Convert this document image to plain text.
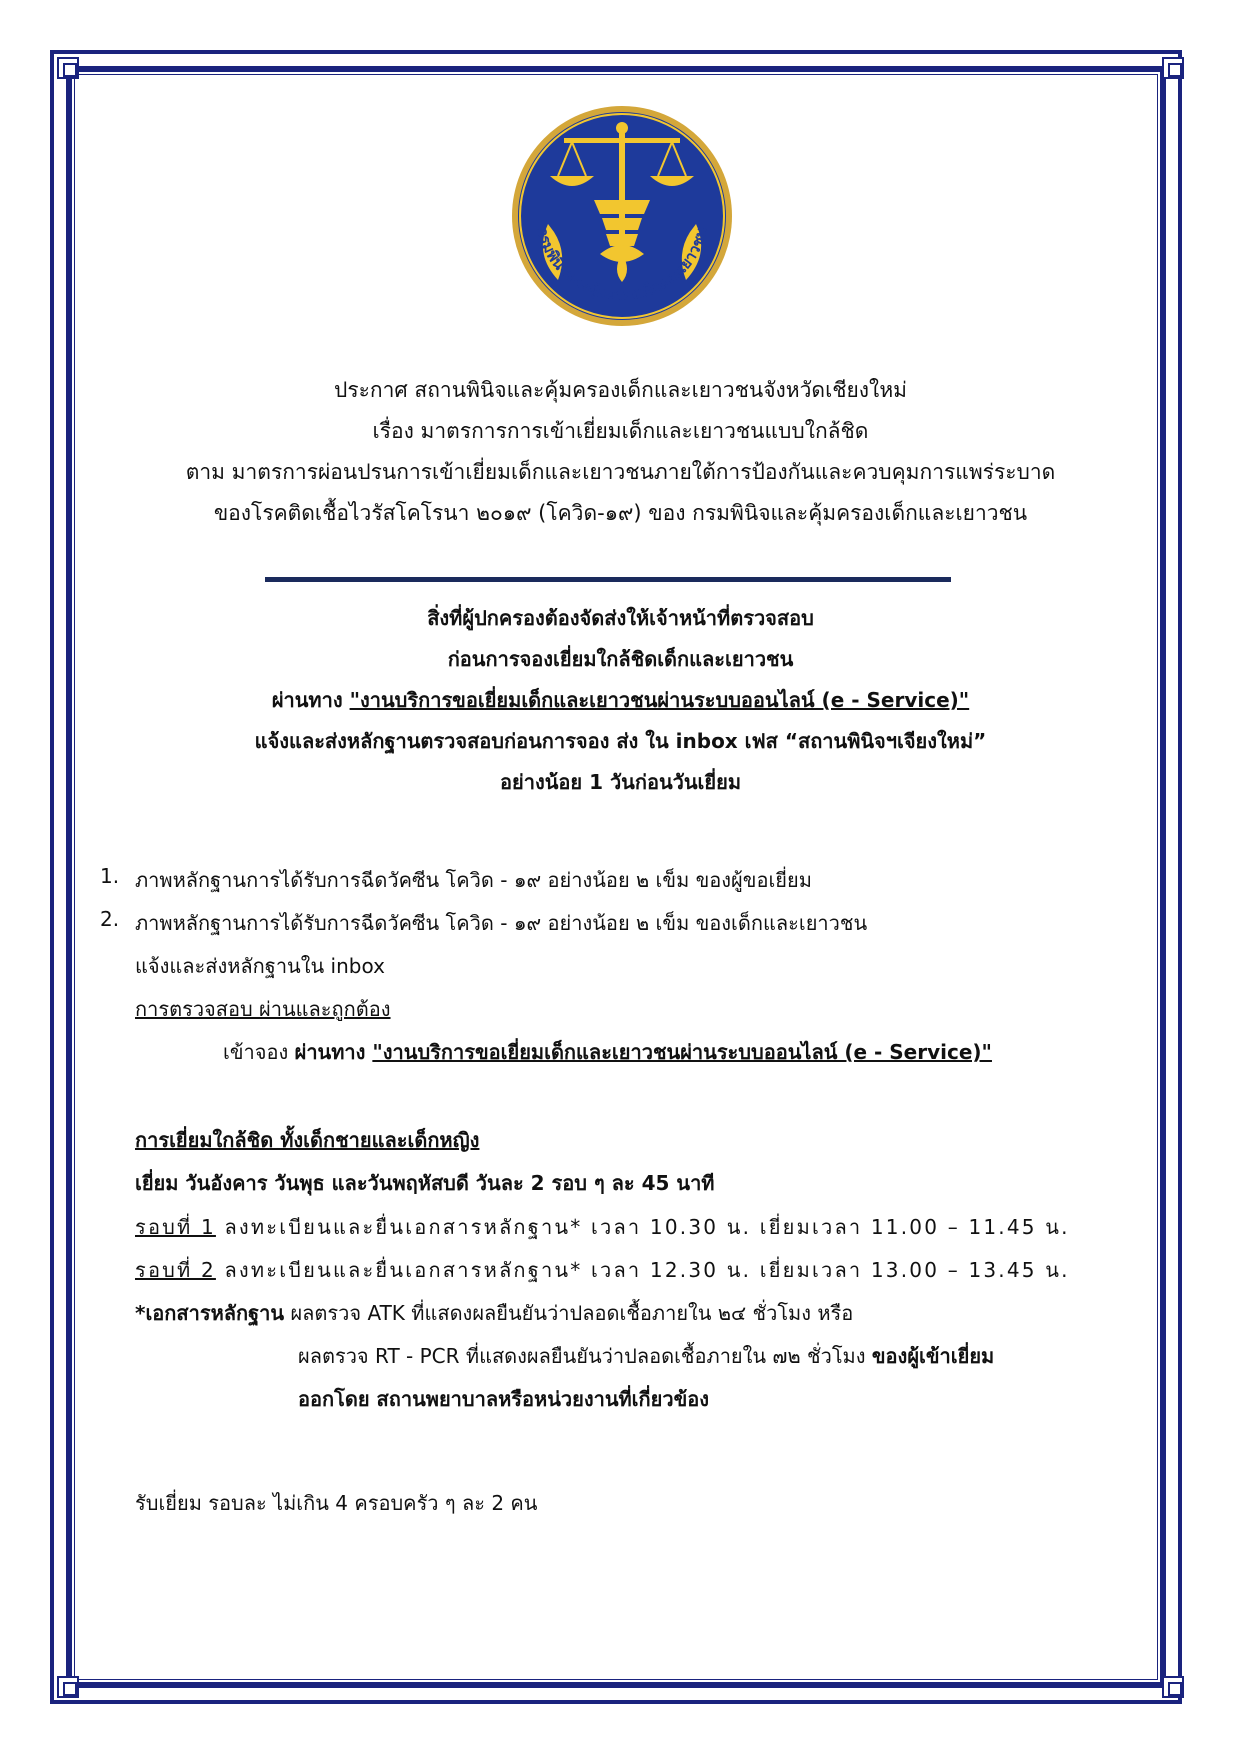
กรมพินิจและคุ้มครองเด็กและเยาวชน
ประกาศ สถานพินิจและคุ้มครองเด็กและเยาวชนจังหวัดเชียงใหม่
เรื่อง มาตรการการเข้าเยี่ยมเด็กและเยาวชนแบบใกล้ชิด
ตาม มาตรการผ่อนปรนการเข้าเยี่ยมเด็กและเยาวชนภายใต้การป้องกันและควบคุมการแพร่ระบาด
ของโรคติดเชื้อไวรัสโคโรนา ๒๐๑๙ (โควิด-๑๙) ของ กรมพินิจและคุ้มครองเด็กและเยาวชน
สิ่งที่ผู้ปกครองต้องจัดส่งให้เจ้าหน้าที่ตรวจสอบ
ก่อนการจองเยี่ยมใกล้ชิดเด็กและเยาวชน
ผ่านทาง "งานบริการขอเยี่ยมเด็กและเยาวชนผ่านระบบออนไลน์ (e - Service)"
แจ้งและส่งหลักฐานตรวจสอบก่อนการจอง ส่ง ใน inbox เฟส “สถานพินิจฯเจียงใหม่”
อย่างน้อย 1 วันก่อนวันเยี่ยม
1. ภาพหลักฐานการได้รับการฉีดวัคซีน โควิด - ๑๙ อย่างน้อย ๒ เข็ม ของผู้ขอเยี่ยม
2. ภาพหลักฐานการได้รับการฉีดวัคซีน โควิด - ๑๙ อย่างน้อย ๒ เข็ม ของเด็กและเยาวชน
แจ้งและส่งหลักฐานใน inbox
การตรวจสอบ ผ่านและถูกต้อง
เข้าจอง ผ่านทาง "งานบริการขอเยี่ยมเด็กและเยาวชนผ่านระบบออนไลน์ (e - Service)"
การเยี่ยมใกล้ชิด ทั้งเด็กชายและเด็กหญิง
เยี่ยม วันอังคาร วันพุธ และวันพฤหัสบดี วันละ 2 รอบ ๆ ละ 45 นาที
รอบที่ 1 ลงทะเบียนและยื่นเอกสารหลักฐาน* เวลา 10.30 น. เยี่ยมเวลา 11.00 – 11.45 น.
รอบที่ 2 ลงทะเบียนและยื่นเอกสารหลักฐาน* เวลา 12.30 น. เยี่ยมเวลา 13.00 – 13.45 น.
*เอกสารหลักฐาน ผลตรวจ ATK ที่แสดงผลยืนยันว่าปลอดเชื้อภายใน ๒๔ ชั่วโมง หรือ
ผลตรวจ RT - PCR ที่แสดงผลยืนยันว่าปลอดเชื้อภายใน ๗๒ ชั่วโมง ของผู้เข้าเยี่ยม
ออกโดย สถานพยาบาลหรือหน่วยงานที่เกี่ยวข้อง
รับเยี่ยม รอบละ ไม่เกิน 4 ครอบครัว ๆ ละ 2 คน
